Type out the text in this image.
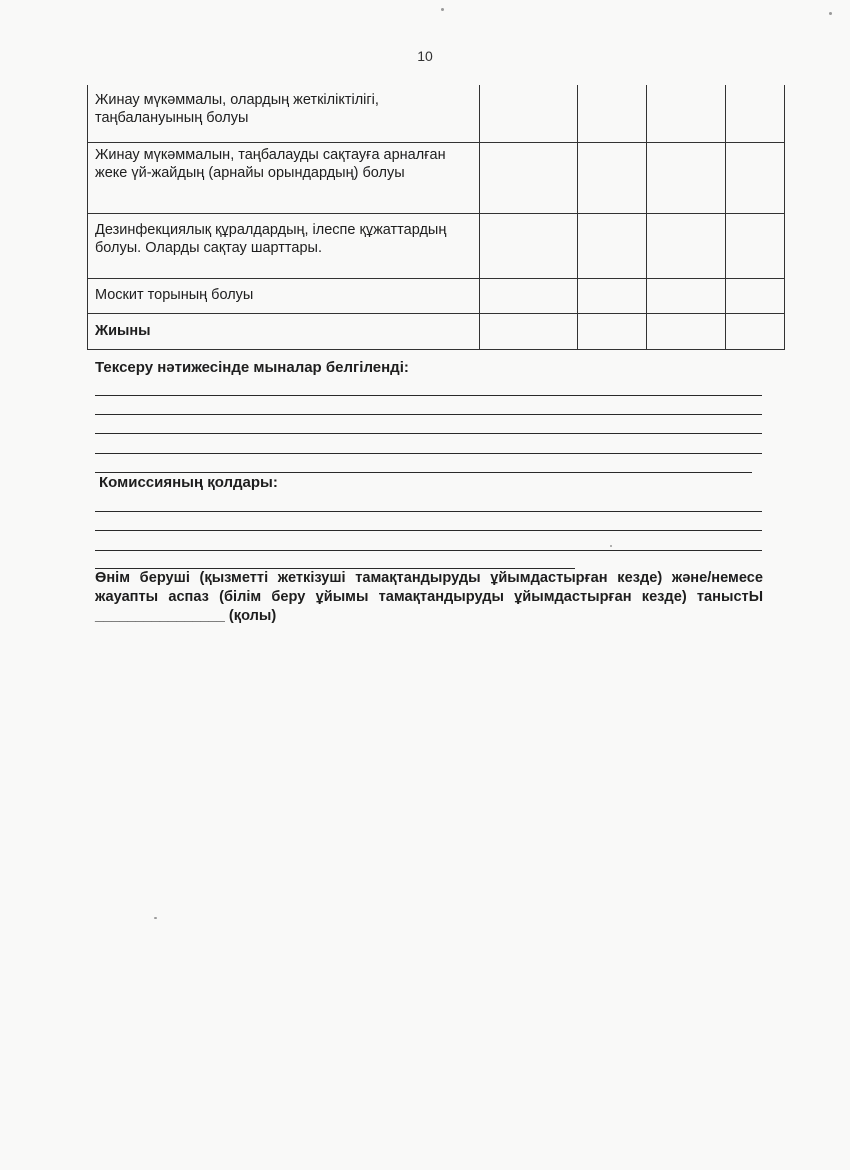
10
Жинау мүкәммалы, олардың жеткіліктілігі, таңбалануының болуы				
Жинау мүкәммалын, таңбалауды сақтауға арналған жеке үй-жайдың (арнайы орындардың) болуы				
Дезинфекциялық құралдардың, ілеспе құжаттардың болуы. Оларды сақтау шарттары.				
Москит торының болуы				
Жиыны				
Тексеру нәтижесінде мыналар белгіленді:
Комиссияның қолдары:
Өнім беруші (қызметті жеткізуші тамақтандыруды ұйымдастырған кезде) және/немесе жауапты аспаз (білім беру ұйымы тамақтандыруды ұйымдастырған кезде) таныстЫ ________________ (қолы)
